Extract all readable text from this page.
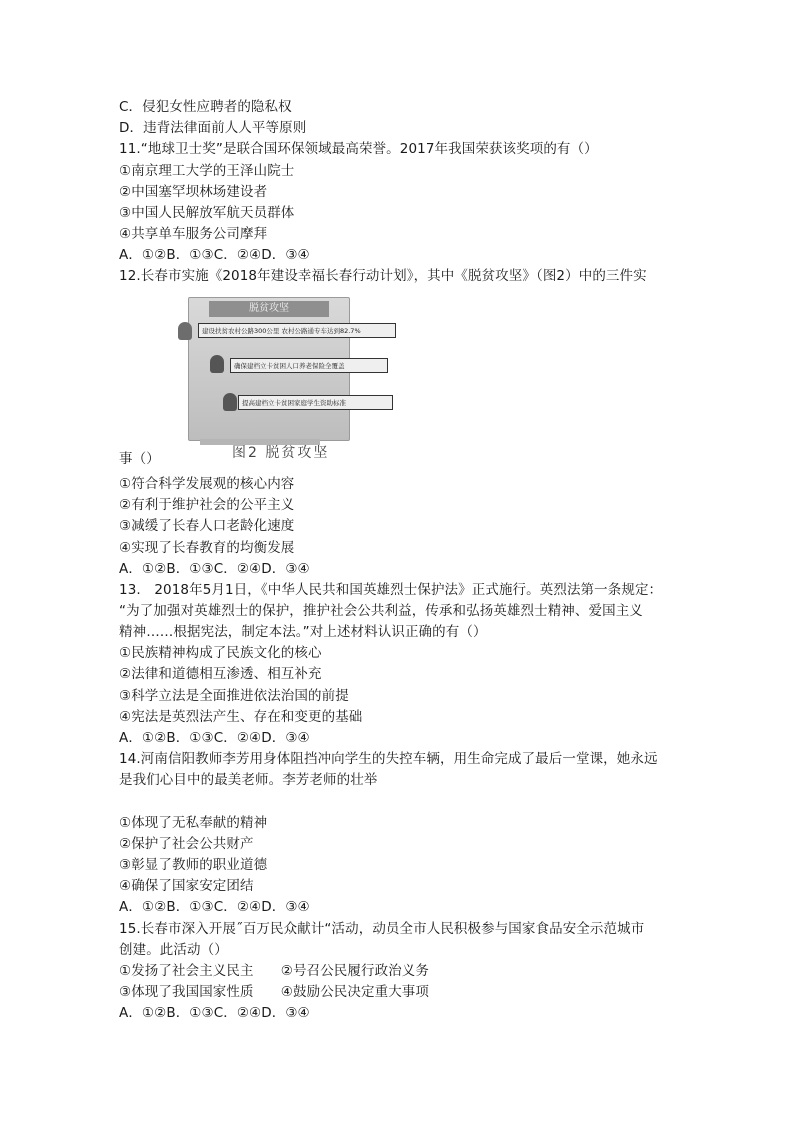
C．侵犯女性应聘者的隐私权
D．违背法律面前人人平等原则
11.“地球卫士奖”是联合国环保领域最高荣誉。2017年我国荣获该奖项的有（）
①南京理工大学的王泽山院士
②中国塞罕坝林场建设者
③中国人民解放军航天员群体
④共享单车服务公司摩拜
A．①②B．①③C．②④D．③④
12.长春市实施《2018年建设幸福长春行动计划》，其中《脱贫攻坚》（图2）中的三件实
脱贫攻坚
建设扶贫农村公路300公里 农村公路通专车达到82.7%
确保建档立卡贫困人口养老保险全覆盖
提高建档立卡贫困家庭学生资助标准
图2 脱贫攻坚
事（）
①符合科学发展观的核心内容
②有利于维护社会的公平主义
③减缓了长春人口老龄化速度
④实现了长春教育的均衡发展
A．①②B．①③C．②④D．③④
13.　2018年5月1日，《中华人民共和国英雄烈士保护法》正式施行。英烈法第一条规定：
“为了加强对英雄烈士的保护，推护社会公共利益，传承和弘扬英雄烈士精神、爱国主义
精神……根据宪法，制定本法。”对上述材料认识正确的有（）
①民族精神构成了民族文化的核心
②法律和道德相互渗透、相互补充
③科学立法是全面推进依法治国的前提
④宪法是英烈法产生、存在和变更的基础
A．①②B．①③C．②④D．③④
14.河南信阳教师李芳用身体阻挡冲向学生的失控车辆，用生命完成了最后一堂课，她永远
是我们心目中的最美老师。李芳老师的壮举
①体现了无私奉献的精神
②保护了社会公共财产
③彰显了教师的职业道德
④确保了国家安定团结
A．①②B．①③C．②④D．③④
15.长春市深入开展˝百万民众献计“活动，动员全市人民积极参与国家食品安全示范城市
创建。此活动（）
①发扬了社会主义民主　　②号召公民履行政治义务
③体现了我国国家性质　　④鼓励公民决定重大事项
A．①②B．①③C．②④D．③④
